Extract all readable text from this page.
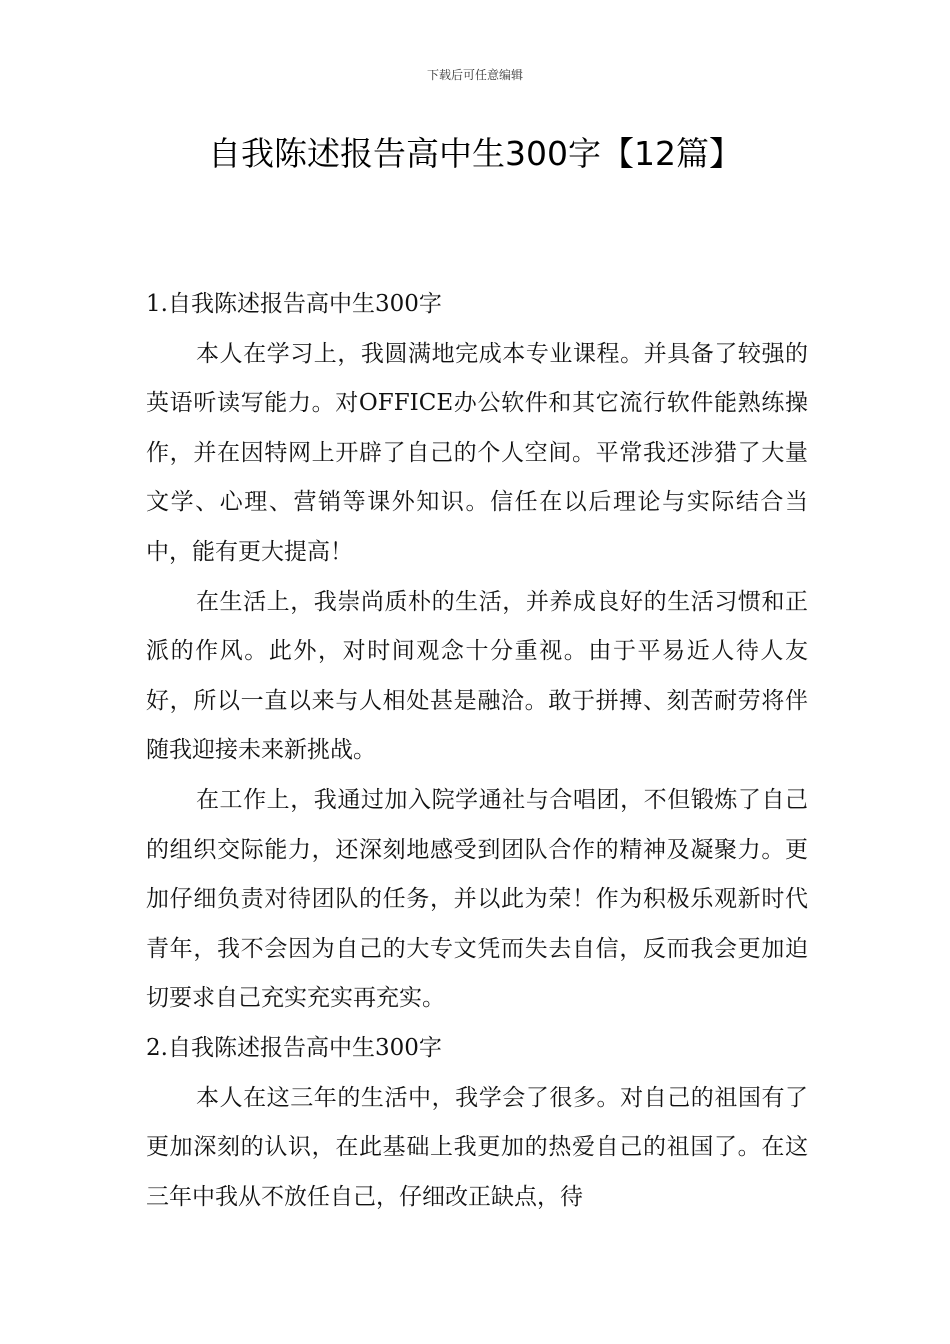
下载后可任意编辑
自我陈述报告高中生300字【12篇】

1.自我陈述报告高中生300字

本人在学习上，我圆满地完成本专业课程。并具备了较强的英语听读写能力。对OFFICE办公软件和其它流行软件能熟练操作，并在因特网上开辟了自己的个人空间。平常我还涉猎了大量文学、心理、营销等课外知识。信任在以后理论与实际结合当中，能有更大提高！

在生活上，我崇尚质朴的生活，并养成良好的生活习惯和正派的作风。此外，对时间观念十分重视。由于平易近人待人友好，所以一直以来与人相处甚是融洽。敢于拼搏、刻苦耐劳将伴随我迎接未来新挑战。

在工作上，我通过加入院学通社与合唱团，不但锻炼了自己的组织交际能力，还深刻地感受到团队合作的精神及凝聚力。更加仔细负责对待团队的任务，并以此为荣！作为积极乐观新时代青年，我不会因为自己的大专文凭而失去自信，反而我会更加迫切要求自己充实充实再充实。

2.自我陈述报告高中生300字

本人在这三年的生活中，我学会了很多。对自己的祖国有了更加深刻的认识，在此基础上我更加的热爱自己的祖国了。在这三年中我从不放任自己，仔细改正缺点，待
